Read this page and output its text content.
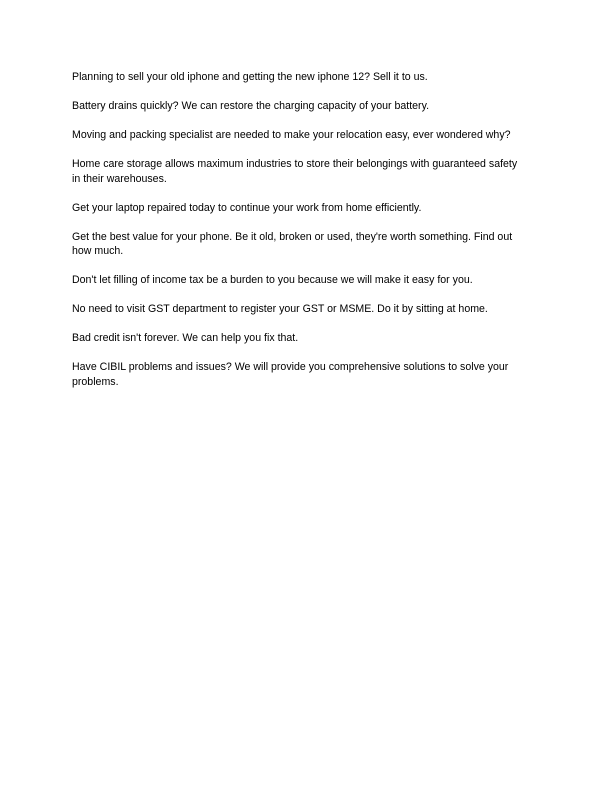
Planning to sell your old iphone and getting the new iphone 12? Sell it to us.

Battery drains quickly? We can restore the charging capacity of your battery.

Moving and packing specialist are needed to make your relocation easy, ever wondered why?

Home care storage allows maximum industries to store their belongings with guaranteed safety
in their warehouses.

Get your laptop repaired today to continue your work from home efficiently.

Get the best value for your phone. Be it old, broken or used, they're worth something. Find out
how much.

Don't let filling of income tax be a burden to you because we will make it easy for you.

No need to visit GST department to register your GST or MSME. Do it by sitting at home.

Bad credit isn't forever. We can help you fix that.

Have CIBIL problems and issues? We will provide you comprehensive solutions to solve your
problems.
